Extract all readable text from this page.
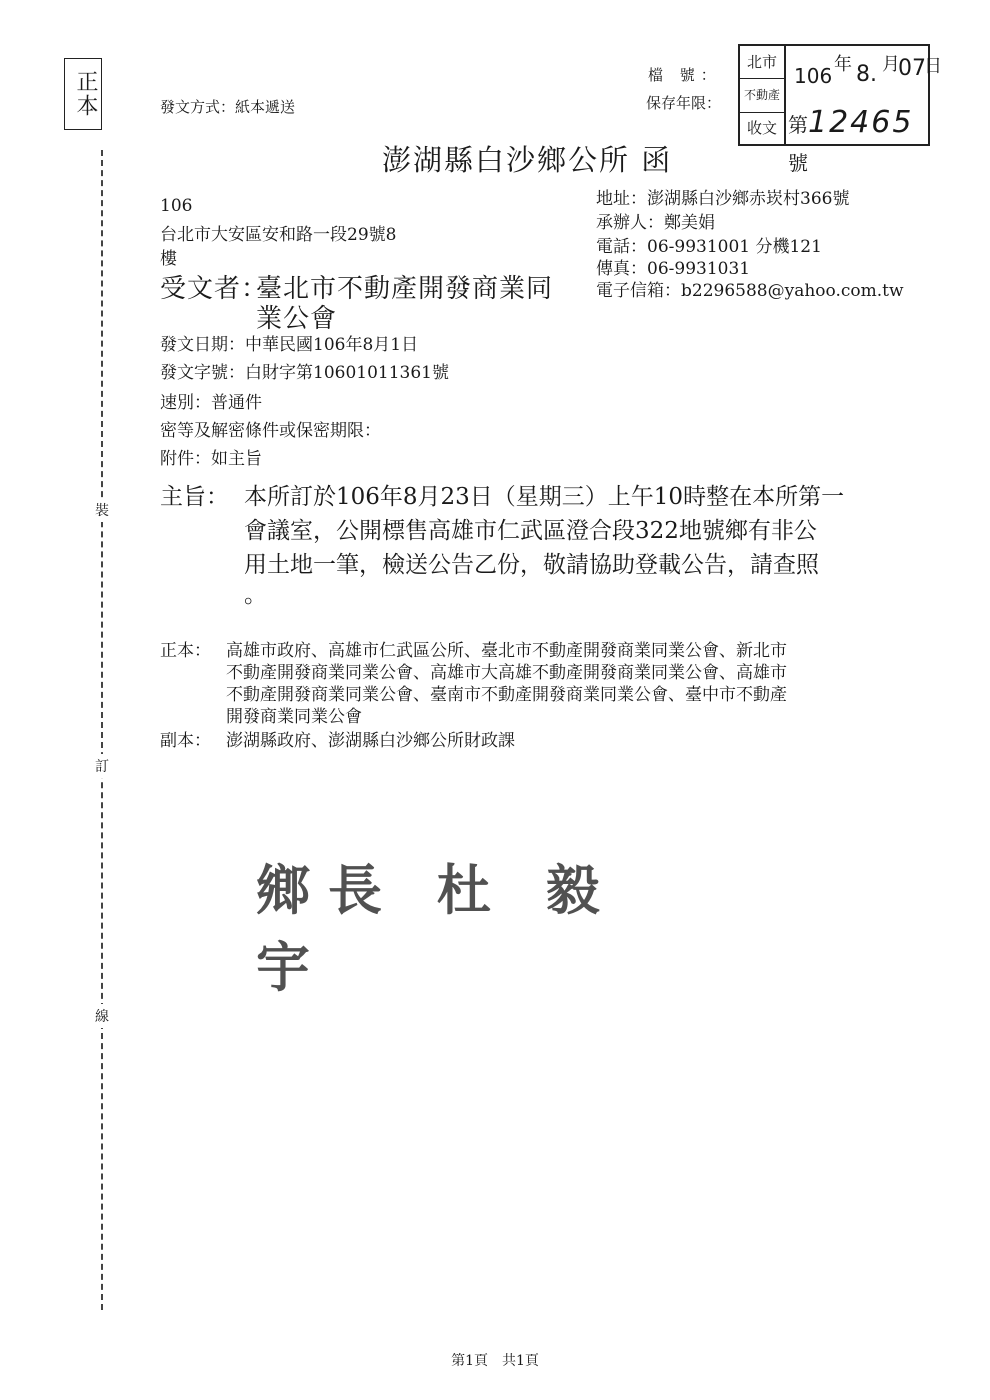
正本
裝
訂
線
發文方式：紙本遞送
檔 號：
保存年限：
北市
不動產
收文
106 年 8. 月
07
日
第12465號
澎湖縣白沙鄉公所 函
106
台北市大安區安和路一段29號8
樓
地址：澎湖縣白沙鄉赤崁村366號
承辦人：鄭美娟
電話：06-9931001 分機121
傳真：06-9931031
電子信箱：b2296588@yahoo.com.tw
受文者：
臺北市不動產開發商業同
業公會
發文日期：中華民國106年8月1日
發文字號：白財字第10601011361號
速別：普通件
密等及解密條件或保密期限：
附件：如主旨
主旨： 本所訂於106年8月23日（星期三）上午10時整在本所第一
會議室，公開標售高雄市仁武區澄合段322地號鄉有非公
用土地一筆，檢送公告乙份，敬請協助登載公告，請查照
。
正本： 高雄市政府、高雄市仁武區公所、臺北市不動產開發商業同業公會、新北市
不動產開發商業同業公會、高雄市大高雄不動產開發商業同業公會、高雄市
不動產開發商業同業公會、臺南市不動產開發商業同業公會、臺中市不動產
開發商業同業公會
副本： 澎湖縣政府、澎湖縣白沙鄉公所財政課
鄉長 杜 毅 宇
第1頁　共1頁
